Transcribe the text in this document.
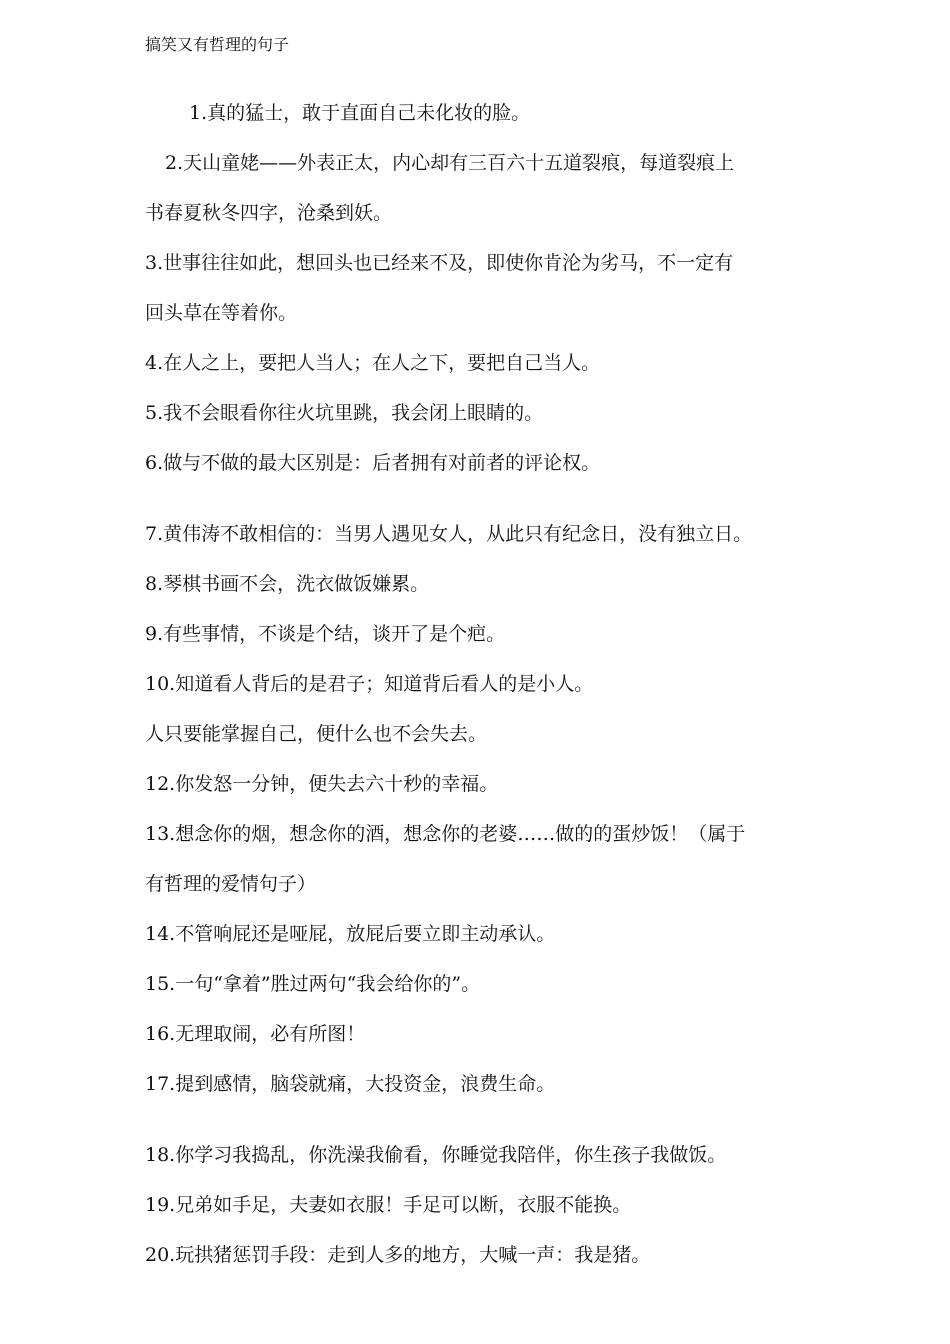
搞笑又有哲理的句子
1.真的猛士，敢于直面自己未化妆的脸。
2.天山童姥——外表正太，内心却有三百六十五道裂痕，每道裂痕上
书春夏秋冬四字，沧桑到妖。
3.世事往往如此，想回头也已经来不及，即使你肯沦为劣马，不一定有
回头草在等着你。
4.在人之上，要把人当人；在人之下，要把自己当人。
5.我不会眼看你往火坑里跳，我会闭上眼睛的。
6.做与不做的最大区别是：后者拥有对前者的评论权。
7.黄伟涛不敢相信的：当男人遇见女人，从此只有纪念日，没有独立日。
8.琴棋书画不会，洗衣做饭嫌累。
9.有些事情，不谈是个结，谈开了是个疤。
10.知道看人背后的是君子；知道背后看人的是小人。
人只要能掌握自己，便什么也不会失去。
12.你发怒一分钟，便失去六十秒的幸福。
13.想念你的烟，想念你的酒，想念你的老婆……做的的蛋炒饭！（属于
有哲理的爱情句子）
14.不管响屁还是哑屁，放屁后要立即主动承认。
15.一句“拿着”胜过两句“我会给你的”。
16.无理取闹，必有所图！
17.提到感情，脑袋就痛，大投资金，浪费生命。
18.你学习我捣乱，你洗澡我偷看，你睡觉我陪伴，你生孩子我做饭。
19.兄弟如手足，夫妻如衣服！手足可以断，衣服不能换。
20.玩拱猪惩罚手段：走到人多的地方，大喊一声：我是猪。
